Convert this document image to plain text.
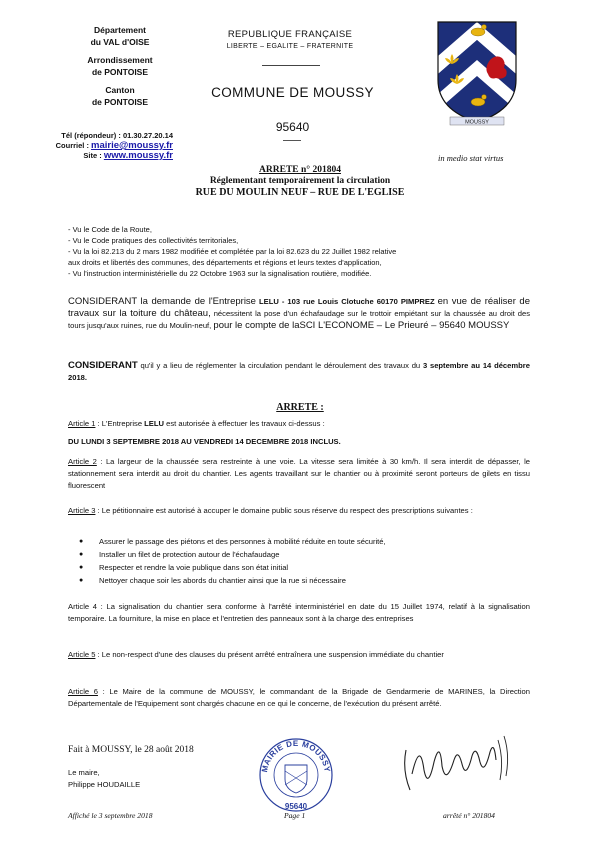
Département
du VAL d'OISE
Arrondissement
de PONTOISE
Canton
de PONTOISE
Tél (répondeur) : 01.30.27.20.14
Courriel : mairie@moussy.fr
Site : www.moussy.fr
REPUBLIQUE FRANÇAISE
LIBERTE – EGALITE – FRATERNITE
COMMUNE DE MOUSSY
95640	MOUSSY
in medio stat virtus
ARRETE n° 201804
Réglementant temporairement la circulation
RUE DU MOULIN NEUF – RUE DE L'EGLISE
- Vu le Code de la Route,
- Vu le Code pratiques des collectivités territoriales,
- Vu la loi 82.213 du 2 mars 1982 modifiée et complétée par la loi 82.623 du 22 Juillet 1982 relative
aux droits et libertés des communes, des départements et régions et leurs textes d'application,
- Vu l'instruction interministérielle du 22 Octobre 1963 sur la signalisation routière, modifiée.
CONSIDERANT la demande de l'Entreprise LELU - 103 rue Louis Clotuche 60170 PIMPREZ en vue de réaliser de travaux sur la toiture du château, nécessitent la pose d'un échafaudage sur le trottoir empiétant sur la chaussée au droit des tours jusqu'aux ruines, rue du Moulin-neuf, pour le compte de laSCI L'ECONOME – Le Prieuré – 95640 MOUSSY
CONSIDERANT qu'il y a lieu de réglementer la circulation pendant le déroulement des travaux du 3 septembre au 14 décembre 2018.
ARRETE :
Article 1 : L'Entreprise LELU est autorisée à effectuer les travaux ci-dessus :
DU LUNDI 3 SEPTEMBRE 2018 AU VENDREDI 14 DECEMBRE 2018 INCLUS.
Article 2 : La largeur de la chaussée sera restreinte à une voie. La vitesse sera limitée à 30 km/h. Il sera interdit de dépasser, le stationnement sera interdit au droit du chantier. Les agents travaillant sur le chantier ou à proximité seront porteurs de gilets en tissu fluorescent
Article 3 : Le pétitionnaire est autorisé à accuper le domaine public sous réserve du respect des prescriptions suivantes :
● Assurer le passage des piétons et des personnes à mobilité réduite en toute sécurité,
● Installer un filet de protection autour de l'échafaudage
● Respecter et rendre la voie publique dans son état initial
● Nettoyer chaque soir les abords du chantier ainsi que la rue si nécessaire
Article 4 : La signalisation du chantier sera conforme à l'arrêté interministériel en date du 15 Juillet 1974, relatif à la signalisation temporaire. La fourniture, la mise en place et l'entretien des panneaux sont à la charge des entreprises
Article 5 : Le non-respect d'une des clauses du présent arrêté entraînera une suspension immédiate du chantier
Article 6 : Le Maire de la commune de MOUSSY, le commandant de la Brigade de Gendarmerie de MARINES, la Direction Départementale de l'Equipement sont chargés chacune en ce qui le concerne, de l'exécution du présent arrêté.
Fait à MOUSSY, le 28 août 2018
Le maire,
Philippe HOUDAILLE
MAIRIE DE MOUSSY
95640
Affiché le 3 septembre 2018	Page 1	arrêté n° 201804
